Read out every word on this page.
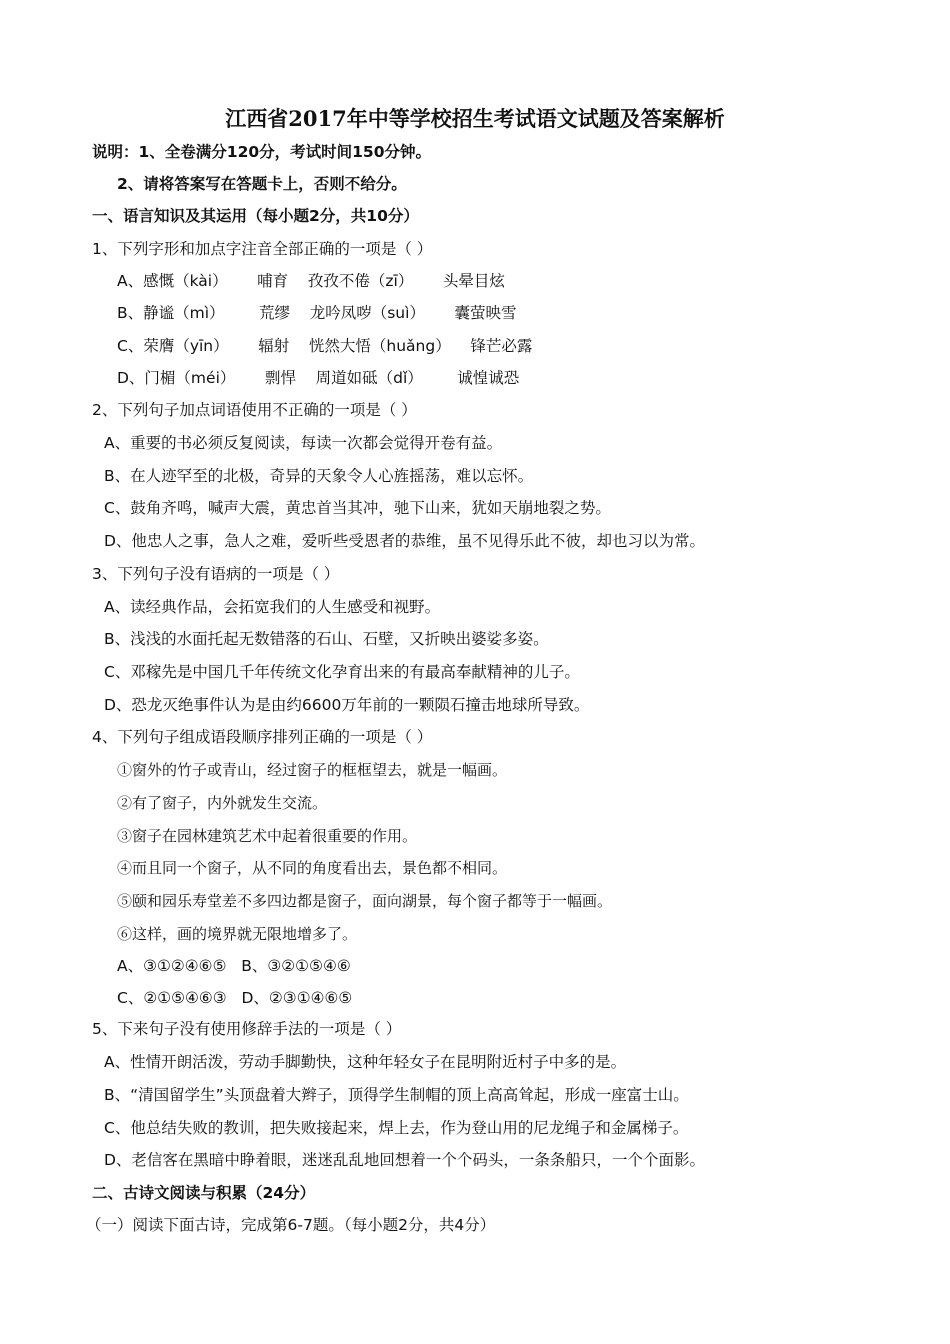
江西省2017年中等学校招生考试语文试题及答案解析
说明：1、全卷满分120分，考试时间150分钟。
2、请将答案写在答题卡上，否则不给分。
一、语言知识及其运用（每小题2分，共10分）
1、下列字形和加点字注音全部正确的一项是（ ）
A、感慨（kài）      哺育    孜孜不倦（zī）      头晕目炫
B、静谧（mì）       荒缪    龙吟凤哕（suì）      囊萤映雪
C、荣膺（yīn）      辐射    恍然大悟（huǎng）    锋芒必露
D、门楣（méi）      剽悍    周道如砥（dǐ）       诚惶诚恐
2、下列句子加点词语使用不正确的一项是（ ）
A、重要的书必须反复阅读，每读一次都会觉得开卷有益。
B、在人迹罕至的北极，奇异的天象令人心旌摇荡，难以忘怀。
C、鼓角齐鸣，喊声大震，黄忠首当其冲，驰下山来，犹如天崩地裂之势。
D、他忠人之事，急人之难，爱听些受恩者的恭维，虽不见得乐此不彼，却也习以为常。
3、下列句子没有语病的一项是（ ）
A、读经典作品，会拓宽我们的人生感受和视野。
B、浅浅的水面托起无数错落的石山、石壁，又折映出婆娑多姿。
C、邓稼先是中国几千年传统文化孕育出来的有最高奉献精神的儿子。
D、恐龙灭绝事件认为是由约6600万年前的一颗陨石撞击地球所导致。
4、下列句子组成语段顺序排列正确的一项是（ ）
①窗外的竹子或青山，经过窗子的框框望去，就是一幅画。
②有了窗子，内外就发生交流。
③窗子在园林建筑艺术中起着很重要的作用。
④而且同一个窗子，从不同的角度看出去，景色都不相同。
⑤颐和园乐寿堂差不多四边都是窗子，面向湖景，每个窗子都等于一幅画。
⑥这样，画的境界就无限地增多了。
A、③①②④⑥⑤   B、③②①⑤④⑥
C、②①⑤④⑥③   D、②③①④⑥⑤
5、下来句子没有使用修辞手法的一项是（ ）
A、性情开朗活泼，劳动手脚勤快，这种年轻女子在昆明附近村子中多的是。
B、“清国留学生”头顶盘着大辫子，顶得学生制帽的顶上高高耸起，形成一座富士山。
C、他总结失败的教训，把失败接起来，焊上去，作为登山用的尼龙绳子和金属梯子。
D、老信客在黑暗中睁着眼，迷迷乱乱地回想着一个个码头，一条条船只，一个个面影。
二、古诗文阅读与积累（24分）
（一）阅读下面古诗，完成第6-7题。（每小题2分，共4分）
